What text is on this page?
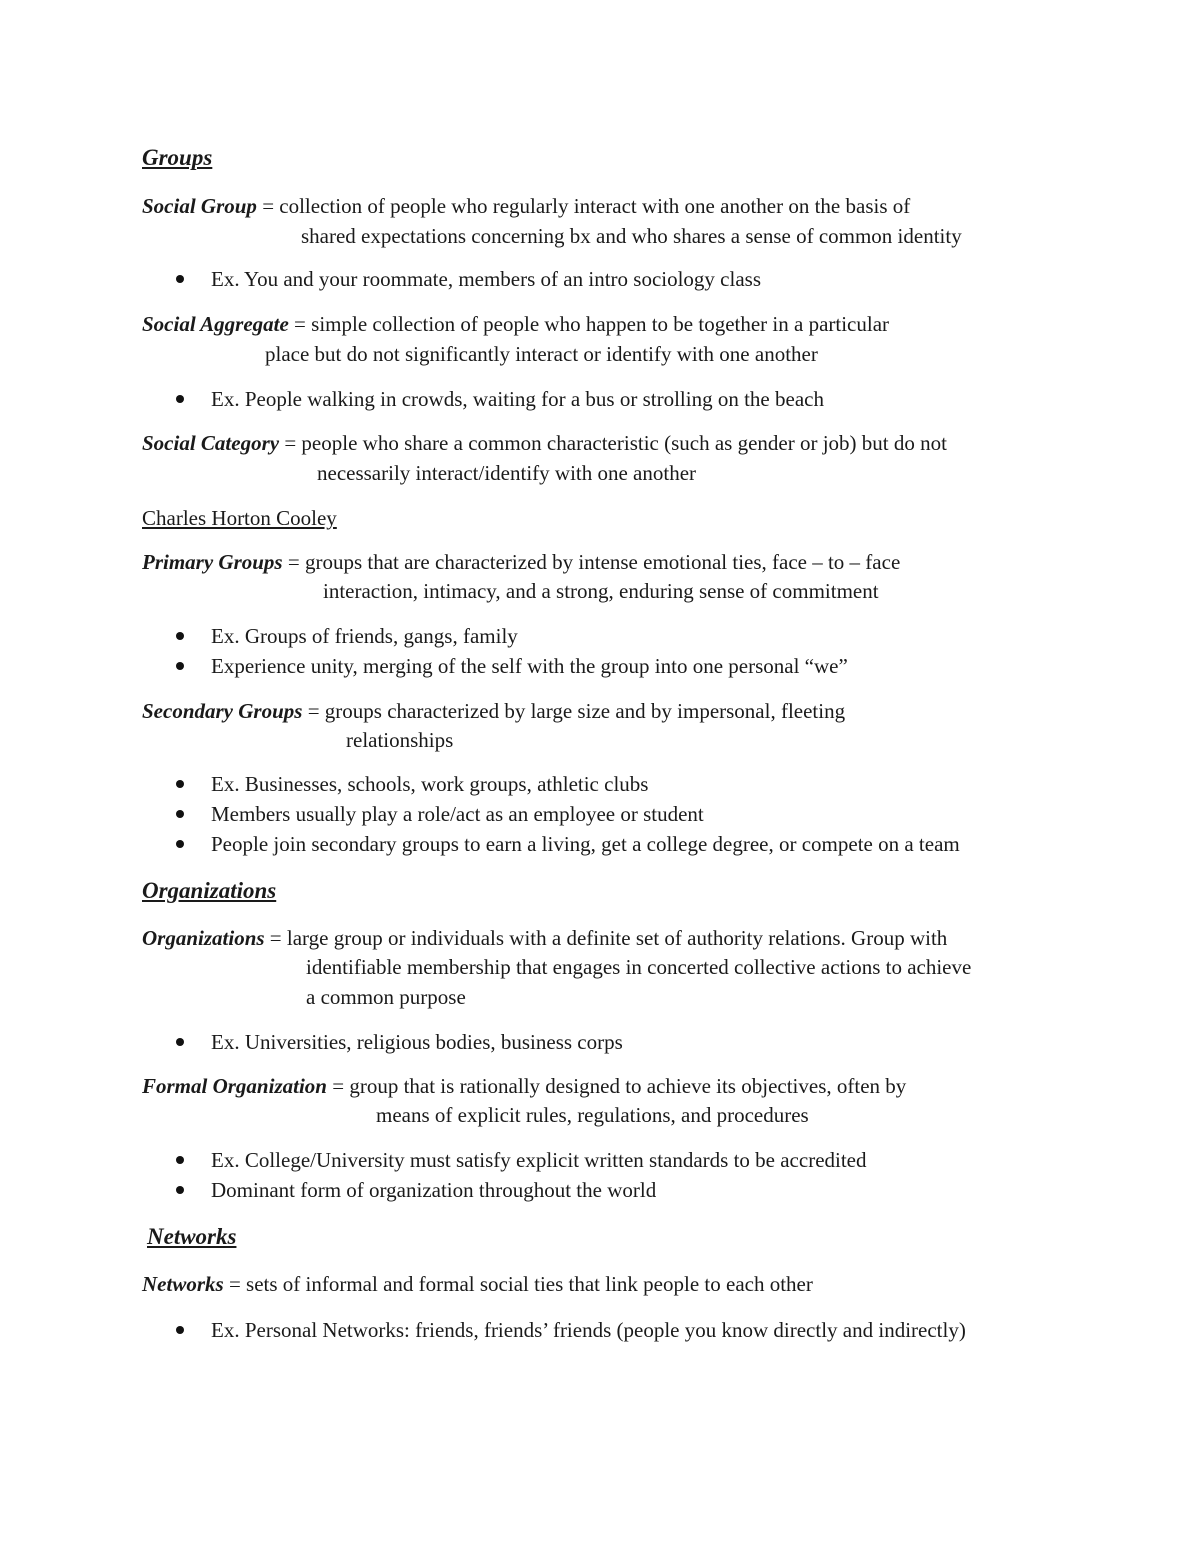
Groups
Social Group = collection of people who regularly interact with one another on the basis of
shared expectations concerning bx and who shares a sense of common identity
Ex. You and your roommate, members of an intro sociology class
Social Aggregate = simple collection of people who happen to be together in a particular
place but do not significantly interact or identify with one another
Ex. People walking in crowds, waiting for a bus or strolling on the beach
Social Category = people who share a common characteristic (such as gender or job) but do not
necessarily interact/identify with one another
Charles Horton Cooley
Primary Groups = groups that are characterized by intense emotional ties, face – to – face
interaction, intimacy, and a strong, enduring sense of commitment
Ex. Groups of friends, gangs, family
Experience unity, merging of the self with the group into one personal “we”
Secondary Groups = groups characterized by large size and by impersonal, fleeting
relationships
Ex. Businesses, schools, work groups, athletic clubs
Members usually play a role/act as an employee or student
People join secondary groups to earn a living, get a college degree, or compete on a team
Organizations
Organizations = large group or individuals with a definite set of authority relations. Group with
identifiable membership that engages in concerted collective actions to achieve
a common purpose
Ex. Universities, religious bodies, business corps
Formal Organization = group that is rationally designed to achieve its objectives, often by
means of explicit rules, regulations, and procedures
Ex. College/University must satisfy explicit written standards to be accredited
Dominant form of organization throughout the world
Networks
Networks = sets of informal and formal social ties that link people to each other
Ex. Personal Networks: friends, friends’ friends (people you know directly and indirectly)
